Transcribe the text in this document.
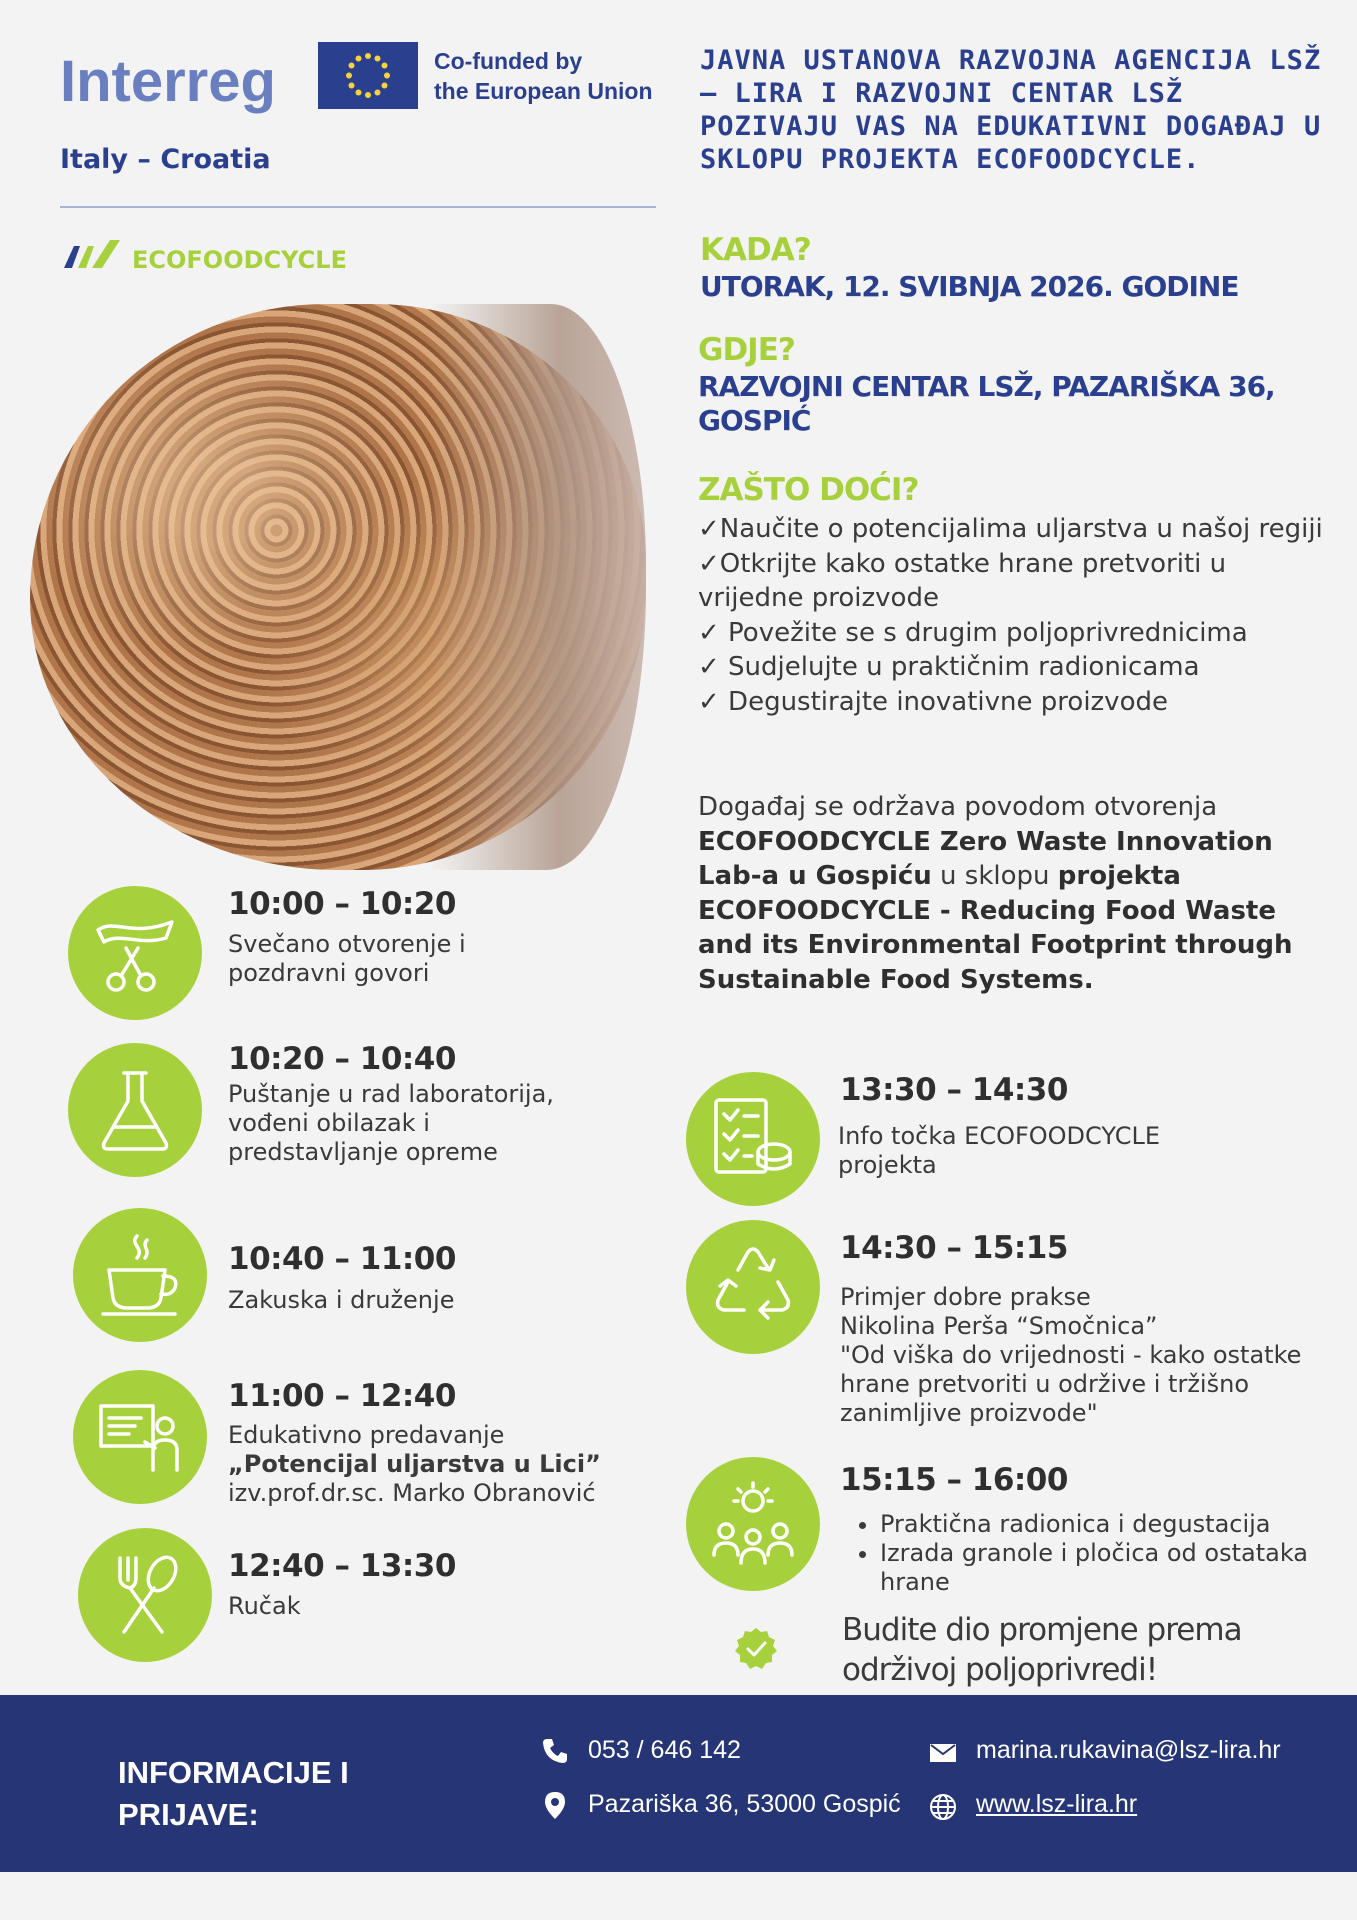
Interreg	Co-funded by
the European Union
Italy – Croatia
ECOFOODCYCLE

JAVNA USTANOVA RAZVOJNA AGENCIJA LSŽ – LIRA I RAZVOJNI CENTAR LSŽ POZIVAJU VAS NA EDUKATIVNI DOGAĐAJ U SKLOPU PROJEKTA ECOFOODCYCLE.

KADA?
UTORAK, 12. SVIBNJA 2026. GODINE
GDJE?
RAZVOJNI CENTAR LSŽ, PAZARIŠKA 36, GOSPIĆ
ZAŠTO DOĆI?
✓Naučite o potencijalima uljarstva u našoj regiji
✓Otkrijte kako ostatke hrane pretvoriti u vrijedne proizvode
✓ Povežite se s drugim poljoprivrednicima
✓ Sudjelujte u praktičnim radionicama
✓ Degustirajte inovativne proizvode
Događaj se održava povodom otvorenja ECOFOODCYCLE Zero Waste Innovation Lab-a u Gospiću u sklopu projekta ECOFOODCYCLE - Reducing Food Waste and its Environmental Footprint through Sustainable Food Systems.
10:00 – 10:20
Svečano otvorenje i pozdravni govori
10:20 – 10:40
Puštanje u rad laboratorija, vođeni obilazak i predstavljanje opreme
10:40 – 11:00
Zakuska i druženje
11:00 – 12:40
Edukativno predavanje
„Potencijal uljarstva u Lici”
izv.prof.dr.sc. Marko Obranović
12:40 – 13:30
Ručak
13:30 – 14:30
Info točka ECOFOODCYCLE projekta
14:30 – 15:15
Primjer dobre prakse
Nikolina Perša “Smočnica”
"Od viška do vrijednosti - kako ostatke hrane pretvoriti u održive i tržišno zanimljive proizvode"
15:15 – 16:00
• Praktična radionica i degustacija
• Izrada granole i pločica od ostataka hrane
Budite dio promjene prema održivoj poljoprivredi!
INFORMACIJE I PRIJAVE:
053 / 646 142
Pazariška 36, 53000 Gospić
marina.rukavina@lsz-lira.hr
www.lsz-lira.hr
